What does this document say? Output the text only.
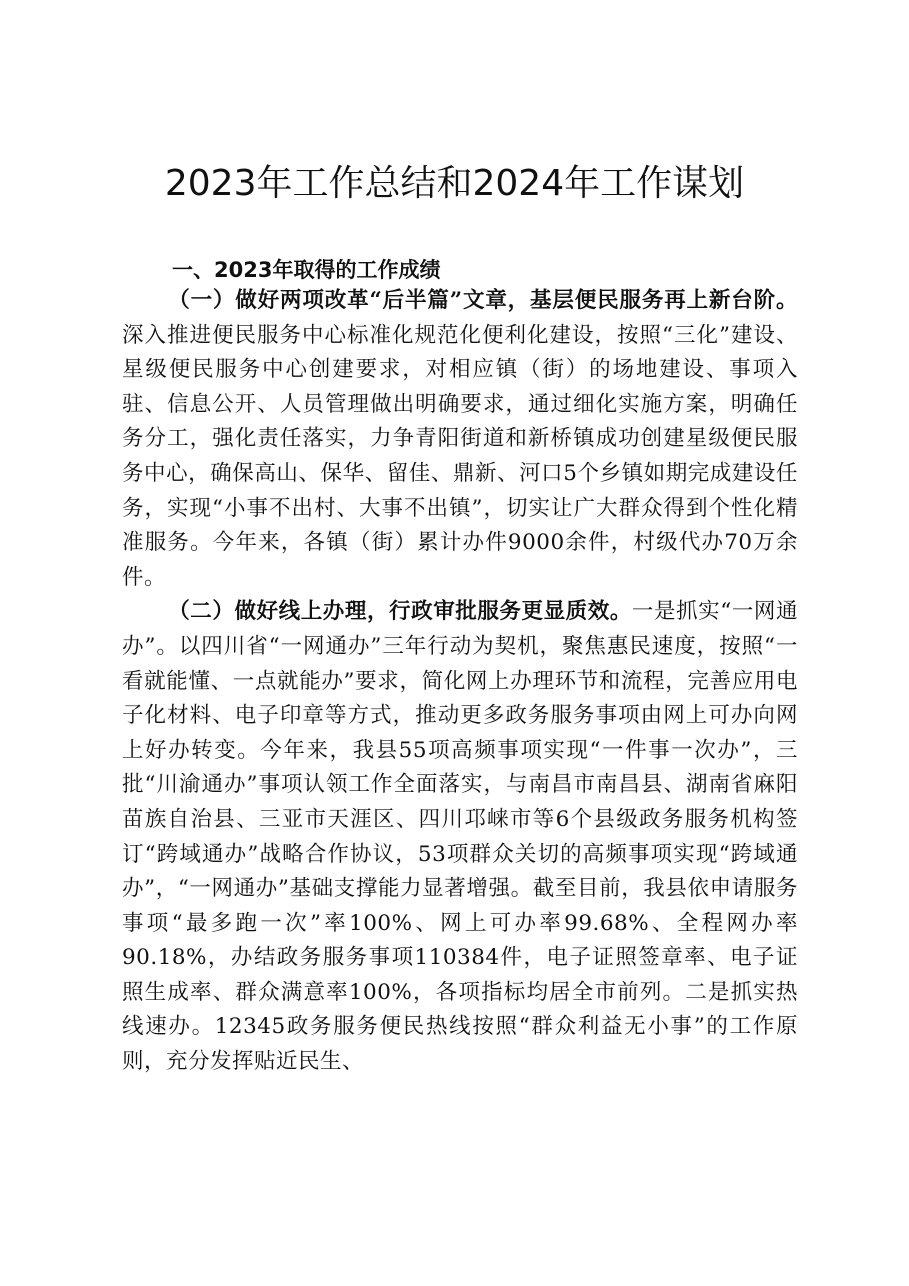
2023年工作总结和2024年工作谋划
一、2023年取得的工作成绩

（一）做好两项改革“后半篇”文章，基层便民服务再上新台阶。深入推进便民服务中心标准化规范化便利化建设，按照“三化”建设、星级便民服务中心创建要求，对相应镇（街）的场地建设、事项入驻、信息公开、人员管理做出明确要求，通过细化实施方案，明确任务分工，强化责任落实，力争青阳街道和新桥镇成功创建星级便民服务中心，确保高山、保华、留佳、鼎新、河口5个乡镇如期完成建设任务，实现“小事不出村、大事不出镇”，切实让广大群众得到个性化精准服务。今年来，各镇（街）累计办件9000余件，村级代办70万余件。

（二）做好线上办理，行政审批服务更显质效。一是抓实“一网通办”。以四川省“一网通办”三年行动为契机，聚焦惠民速度，按照“一看就能懂、一点就能办”要求，简化网上办理环节和流程，完善应用电子化材料、电子印章等方式，推动更多政务服务事项由网上可办向网上好办转变。今年来，我县55项高频事项实现“一件事一次办”，三批“川渝通办”事项认领工作全面落实，与南昌市南昌县、湖南省麻阳苗族自治县、三亚市天涯区、四川邛崃市等6个县级政务服务机构签订“跨域通办”战略合作协议，53项群众关切的高频事项实现“跨域通办”，“一网通办”基础支撑能力显著增强。截至目前，我县依申请服务事项“最多跑一次”率100%、网上可办率99.68%、全程网办率90.18%，办结政务服务事项110384件，电子证照签章率、电子证照生成率、群众满意率100%，各项指标均居全市前列。二是抓实热线速办。12345政务服务便民热线按照“群众利益无小事”的工作原则，充分发挥贴近民生、
